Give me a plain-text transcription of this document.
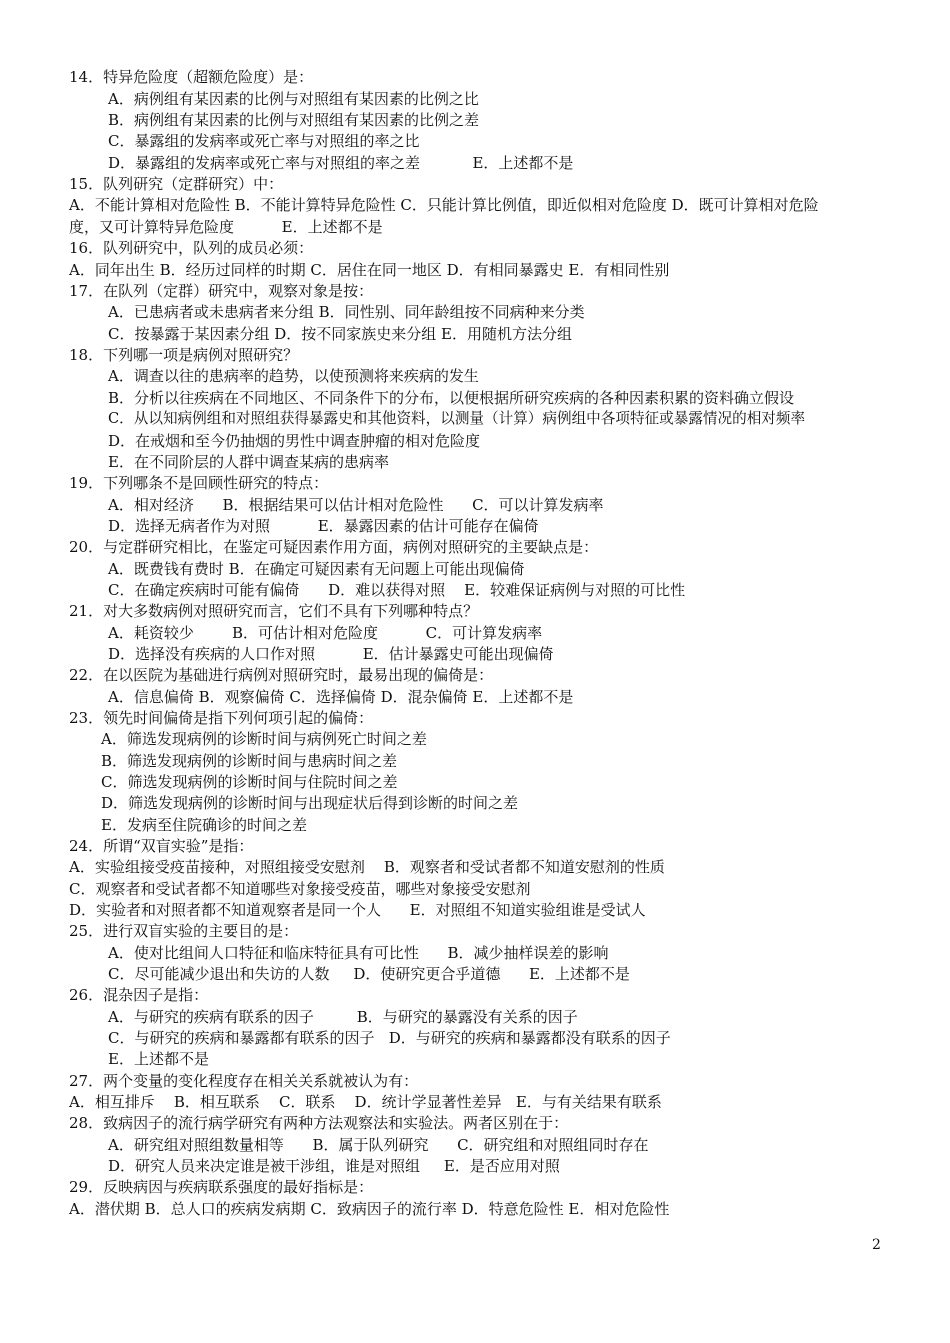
14．特异危险度（超额危险度）是：
A．病例组有某因素的比例与对照组有某因素的比例之比
B．病例组有某因素的比例与对照组有某因素的比例之差
C．暴露组的发病率或死亡率与对照组的率之比
D．暴露组的发病率或死亡率与对照组的率之差           E．上述都不是
15．队列研究（定群研究）中：
A．不能计算相对危险性 B．不能计算特异危险性 C．只能计算比例值，即近似相对危险度 D．既可计算相对危险
度，又可计算特异危险度          E．上述都不是
16．队列研究中，队列的成员必须：
A．同年出生 B．经历过同样的时期 C．居住在同一地区 D．有相同暴露史 E．有相同性别
17．在队列（定群）研究中，观察对象是按：
A．已患病者或未患病者来分组 B．同性别、同年龄组按不同病种来分类
C．按暴露于某因素分组 D．按不同家族史来分组 E．用随机方法分组
18．下列哪一项是病例对照研究？
A．调查以往的患病率的趋势，以使预测将来疾病的发生
B．分析以往疾病在不同地区、不同条件下的分布，以便根据所研究疾病的各种因素积累的资料确立假设
C．从以知病例组和对照组获得暴露史和其他资料，以测量（计算）病例组中各项特征或暴露情况的相对频率
D．在戒烟和至今仍抽烟的男性中调查肿瘤的相对危险度
E．在不同阶层的人群中调查某病的患病率
19．下列哪条不是回顾性研究的特点：
A．相对经济      B．根据结果可以估计相对危险性      C．可以计算发病率
D．选择无病者作为对照          E．暴露因素的估计可能存在偏倚
20．与定群研究相比，在鉴定可疑因素作用方面，病例对照研究的主要缺点是：
A．既费钱有费时 B．在确定可疑因素有无问题上可能出现偏倚
C．在确定疾病时可能有偏倚      D．难以获得对照    E．较难保证病例与对照的可比性
21．对大多数病例对照研究而言，它们不具有下列哪种特点？
A．耗资较少        B．可估计相对危险度          C．可计算发病率
D．选择没有疾病的人口作对照          E．估计暴露史可能出现偏倚
22．在以医院为基础进行病例对照研究时，最易出现的偏倚是：
A．信息偏倚 B．观察偏倚 C．选择偏倚 D．混杂偏倚 E．上述都不是
23．领先时间偏倚是指下列何项引起的偏倚：
A．筛选发现病例的诊断时间与病例死亡时间之差
B．筛选发现病例的诊断时间与患病时间之差
C．筛选发现病例的诊断时间与住院时间之差
D．筛选发现病例的诊断时间与出现症状后得到诊断的时间之差
E．发病至住院确诊的时间之差
24．所谓“双盲实验”是指：
A．实验组接受疫苗接种，对照组接受安慰剂    B．观察者和受试者都不知道安慰剂的性质
C．观察者和受试者都不知道哪些对象接受疫苗，哪些对象接受安慰剂
D．实验者和对照者都不知道观察者是同一个人      E．对照组不知道实验组谁是受试人
25．进行双盲实验的主要目的是：
A．使对比组间人口特征和临床特征具有可比性      B．减少抽样误差的影响
C．尽可能减少退出和失访的人数     D．使研究更合乎道德      E．上述都不是
26．混杂因子是指：
A．与研究的疾病有联系的因子         B．与研究的暴露没有关系的因子
C．与研究的疾病和暴露都有联系的因子   D．与研究的疾病和暴露都没有联系的因子
E．上述都不是
27．两个变量的变化程度存在相关关系就被认为有：
A．相互排斥    B．相互联系    C．联系    D．统计学显著性差异   E．与有关结果有联系
28．致病因子的流行病学研究有两种方法观察法和实验法。两者区别在于：
A．研究组对照组数量相等      B．属于队列研究      C．研究组和对照组同时存在
D．研究人员来决定谁是被干涉组，谁是对照组     E．是否应用对照
29．反映病因与疾病联系强度的最好指标是：
A．潜伏期 B．总人口的疾病发病期 C．致病因子的流行率 D．特意危险性 E．相对危险性
2
